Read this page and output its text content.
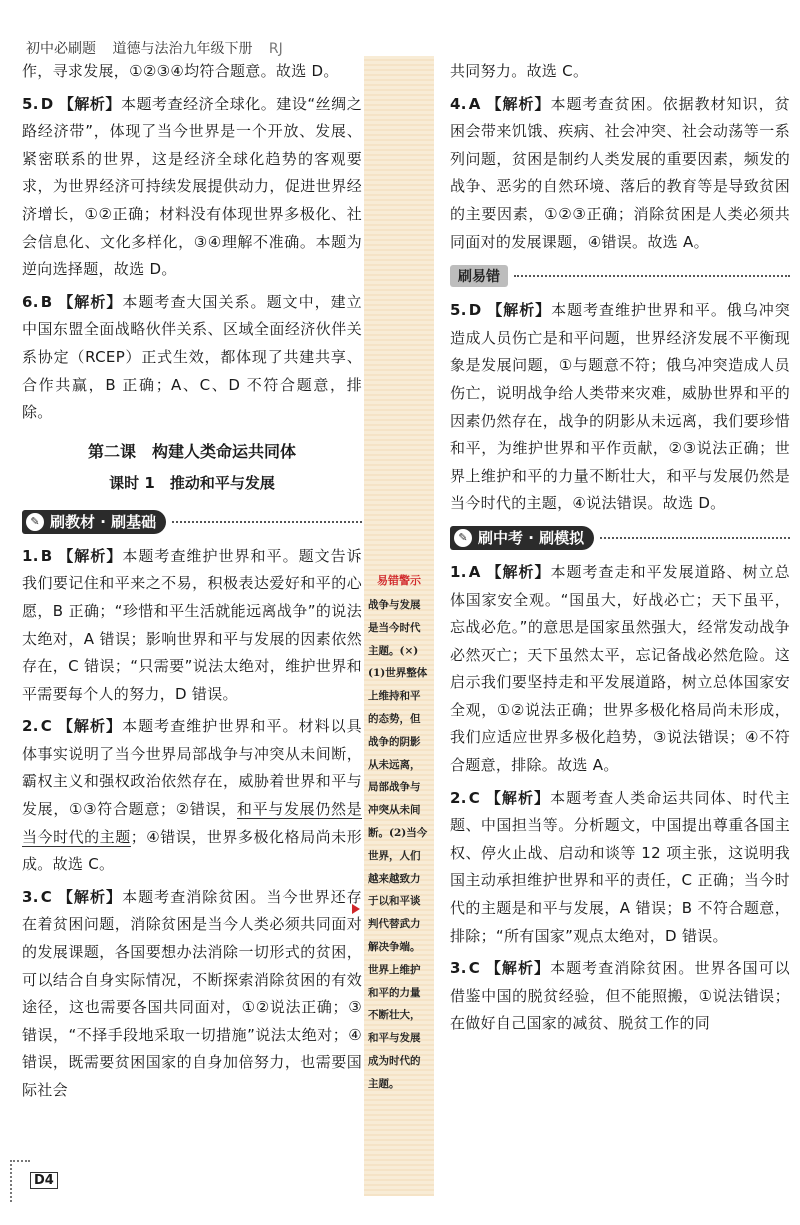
初中必刷题 道德与法治九年级下册 RJ

作，寻求发展，①②③④均符合题意。故选 D。

5. D 【解析】本题考查经济全球化。建设“丝绸之路经济带”，体现了当今世界是一个开放、发展、紧密联系的世界，这是经济全球化趋势的客观要求，为世界经济可持续发展提供动力，促进世界经济增长，①②正确；材料没有体现世界多极化、社会信息化、文化多样化，③④理解不准确。本题为逆向选择题，故选 D。

6. B 【解析】本题考查大国关系。题文中，建立中国东盟全面战略伙伴关系、区域全面经济伙伴关系协定（RCEP）正式生效，都体现了共建共享、合作共赢，B 正确；A、C、D 不符合题意，排除。

第二课　构建人类命运共同体
课时 1　推动和平与发展
✎ 刷教材 · 刷基础

1. B 【解析】本题考查维护世界和平。题文告诉我们要记住和平来之不易，积极表达爱好和平的心愿，B 正确；“珍惜和平生活就能远离战争”的说法太绝对，A 错误；影响世界和平与发展的因素依然存在，C 错误；“只需要”说法太绝对，维护世界和平需要每个人的努力，D 错误。

2. C 【解析】本题考查维护世界和平。材料以具体事实说明了当今世界局部战争与冲突从未间断，霸权主义和强权政治依然存在，威胁着世界和平与发展，①③符合题意；②错误，和平与发展仍然是当今时代的主题；④错误，世界多极化格局尚未形成。故选 C。

3. C 【解析】本题考查消除贫困。当今世界还存在着贫困问题，消除贫困是当今人类必须共同面对的发展课题，各国要想办法消除一切形式的贫困，可以结合自身实际情况，不断探索消除贫困的有效途径，这也需要各国共同面对，①②说法正确；③错误，“不择手段地采取一切措施”说法太绝对；④错误，既需要贫困国家的自身加倍努力，也需要国际社会

易错警示
战争与发展是当今时代主题。(×) (1)世界整体上维持和平的态势，但战争的阴影从未远离，局部战争与冲突从未间断。(2)当今世界，人们越来越致力于以和平谈判代替武力解决争端。世界上维护和平的力量不断壮大，和平与发展成为时代的主题。

共同努力。故选 C。

4. A 【解析】本题考查贫困。依据教材知识，贫困会带来饥饿、疾病、社会冲突、社会动荡等一系列问题，贫困是制约人类发展的重要因素，频发的战争、恶劣的自然环境、落后的教育等是导致贫困的主要因素，①②③正确；消除贫困是人类必须共同面对的发展课题，④错误。故选 A。

刷易错

5. D 【解析】本题考查维护世界和平。俄乌冲突造成人员伤亡是和平问题，世界经济发展不平衡现象是发展问题，①与题意不符；俄乌冲突造成人员伤亡，说明战争给人类带来灾难，威胁世界和平的因素仍然存在，战争的阴影从未远离，我们要珍惜和平，为维护世界和平作贡献，②③说法正确；世界上维护和平的力量不断壮大，和平与发展仍然是当今时代的主题，④说法错误。故选 D。

✎ 刷中考 · 刷模拟

1. A 【解析】本题考查走和平发展道路、树立总体国家安全观。“国虽大，好战必亡；天下虽平，忘战必危。”的意思是国家虽然强大，经常发动战争必然灭亡；天下虽然太平，忘记备战必然危险。这启示我们要坚持走和平发展道路，树立总体国家安全观，①②说法正确；世界多极化格局尚未形成，我们应适应世界多极化趋势，③说法错误；④不符合题意，排除。故选 A。

2. C 【解析】本题考查人类命运共同体、时代主题、中国担当等。分析题文，中国提出尊重各国主权、停火止战、启动和谈等 12 项主张，这说明我国主动承担维护世界和平的责任，C 正确；当今时代的主题是和平与发展，A 错误；B 不符合题意，排除；“所有国家”观点太绝对，D 错误。

3. C 【解析】本题考查消除贫困。世界各国可以借鉴中国的脱贫经验，但不能照搬，①说法错误；在做好自己国家的减贫、脱贫工作的同

D4
